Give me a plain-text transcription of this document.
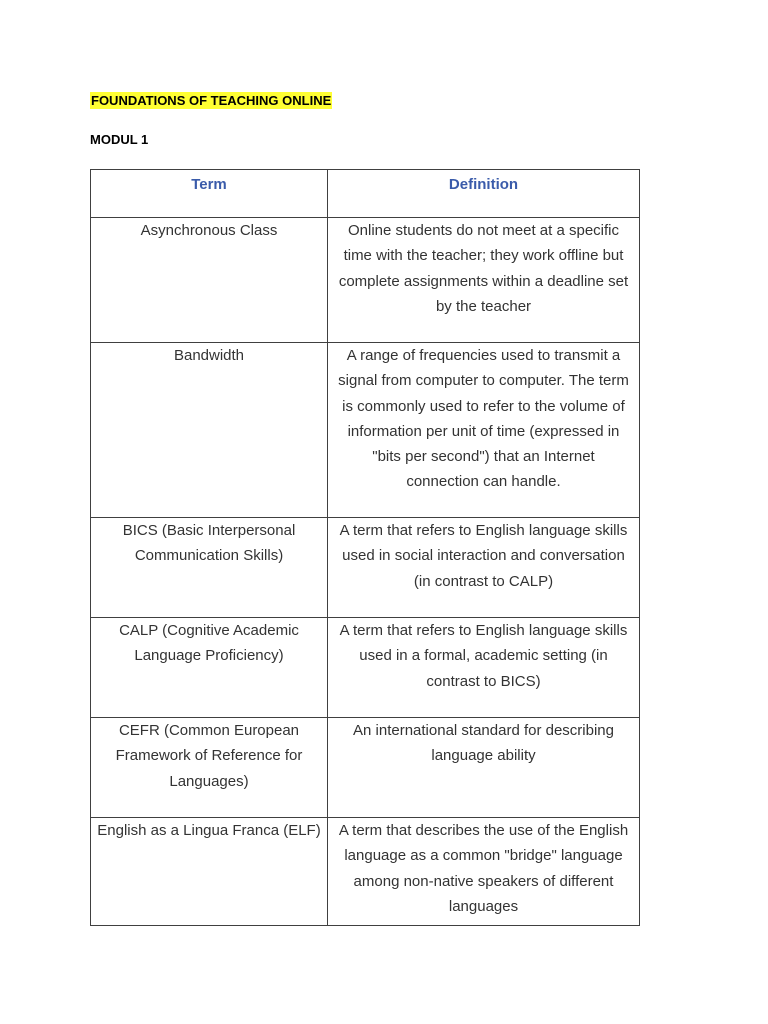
FOUNDATIONS OF TEACHING ONLINE
MODUL 1
Term	Definition
Asynchronous Class	Online students do not meet at a specific time with the teacher; they work offline but complete assignments within a deadline set by the teacher
Bandwidth	A range of frequencies used to transmit a signal from computer to computer. The term is commonly used to refer to the volume of information per unit of time (expressed in "bits per second") that an Internet connection can handle.
BICS (Basic Interpersonal Communication Skills)	A term that refers to English language skills used in social interaction and conversation (in contrast to CALP)
CALP (Cognitive Academic Language Proficiency)	A term that refers to English language skills used in a formal, academic setting (in contrast to BICS)
CEFR (Common European Framework of Reference for Languages)	An international standard for describing language ability
English as a Lingua Franca (ELF)	A term that describes the use of the English language as a common "bridge" language among non-native speakers of different languages
